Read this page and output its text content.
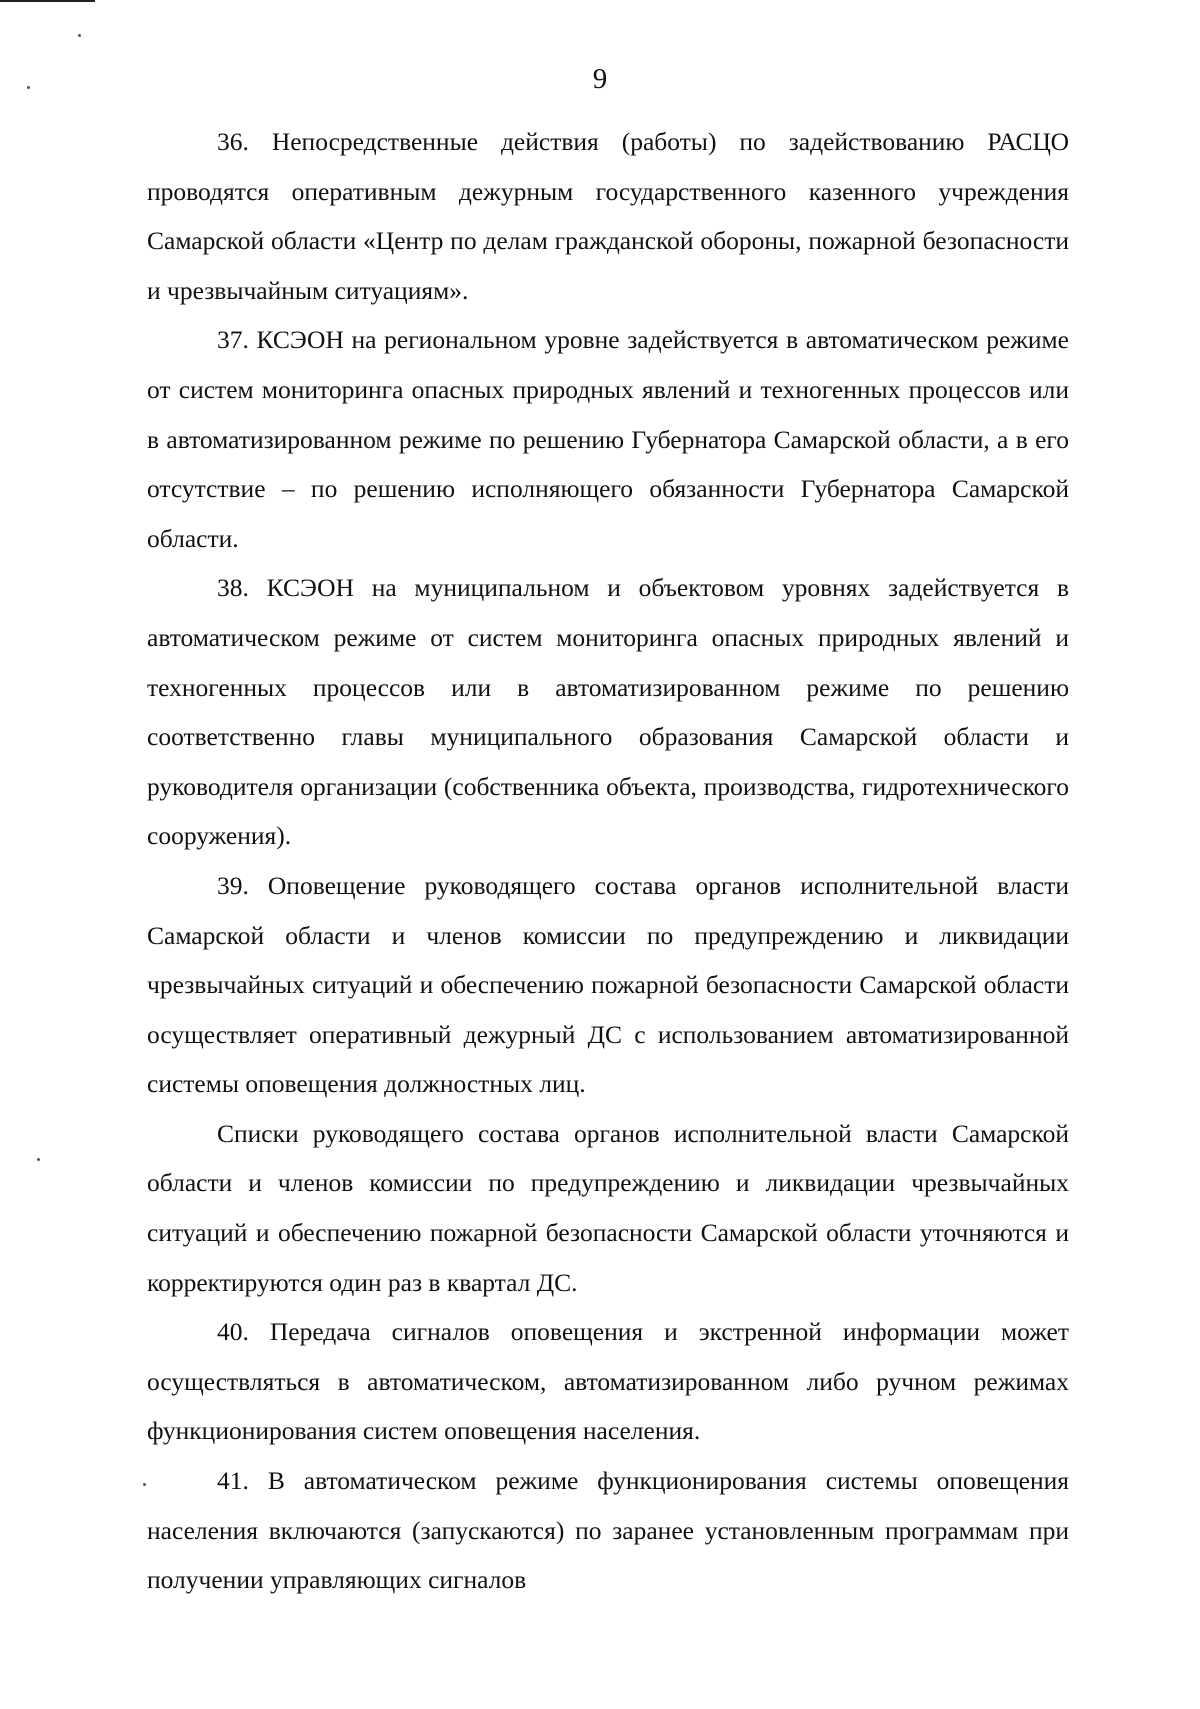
9

36. Непосредственные действия (работы) по задействованию РАСЦО проводятся оперативным дежурным государственного казенного учреждения Самарской области «Центр по делам гражданской обороны, пожарной безопасности и чрезвычайным ситуациям».

37. КСЭОН на региональном уровне задействуется в автоматическом режиме от систем мониторинга опасных природных явлений и техногенных процессов или в автоматизированном режиме по решению Губернатора Самарской области, а в его отсутствие – по решению исполняющего обязанности Губернатора Самарской области.

38. КСЭОН на муниципальном и объектовом уровнях задействуется в автоматическом режиме от систем мониторинга опасных природных явлений и техногенных процессов или в автоматизированном режиме по решению соответственно главы муниципального образования Самарской области и руководителя организации (собственника объекта, производства, гидротехнического сооружения).

39. Оповещение руководящего состава органов исполнительной власти Самарской области и членов комиссии по предупреждению и ликвидации чрезвычайных ситуаций и обеспечению пожарной безопасности Самарской области осуществляет оперативный дежурный ДС с использованием автоматизированной системы оповещения должностных лиц.

Списки руководящего состава органов исполнительной власти Самарской области и членов комиссии по предупреждению и ликвидации чрезвычайных ситуаций и обеспечению пожарной безопасности Самарской области уточняются и корректируются один раз в квартал ДС.

40. Передача сигналов оповещения и экстренной информации может осуществляться в автоматическом, автоматизированном либо ручном режимах функционирования систем оповещения населения.

41. В автоматическом режиме функционирования системы оповещения населения включаются (запускаются) по заранее установленным программам при получении управляющих сигналов
